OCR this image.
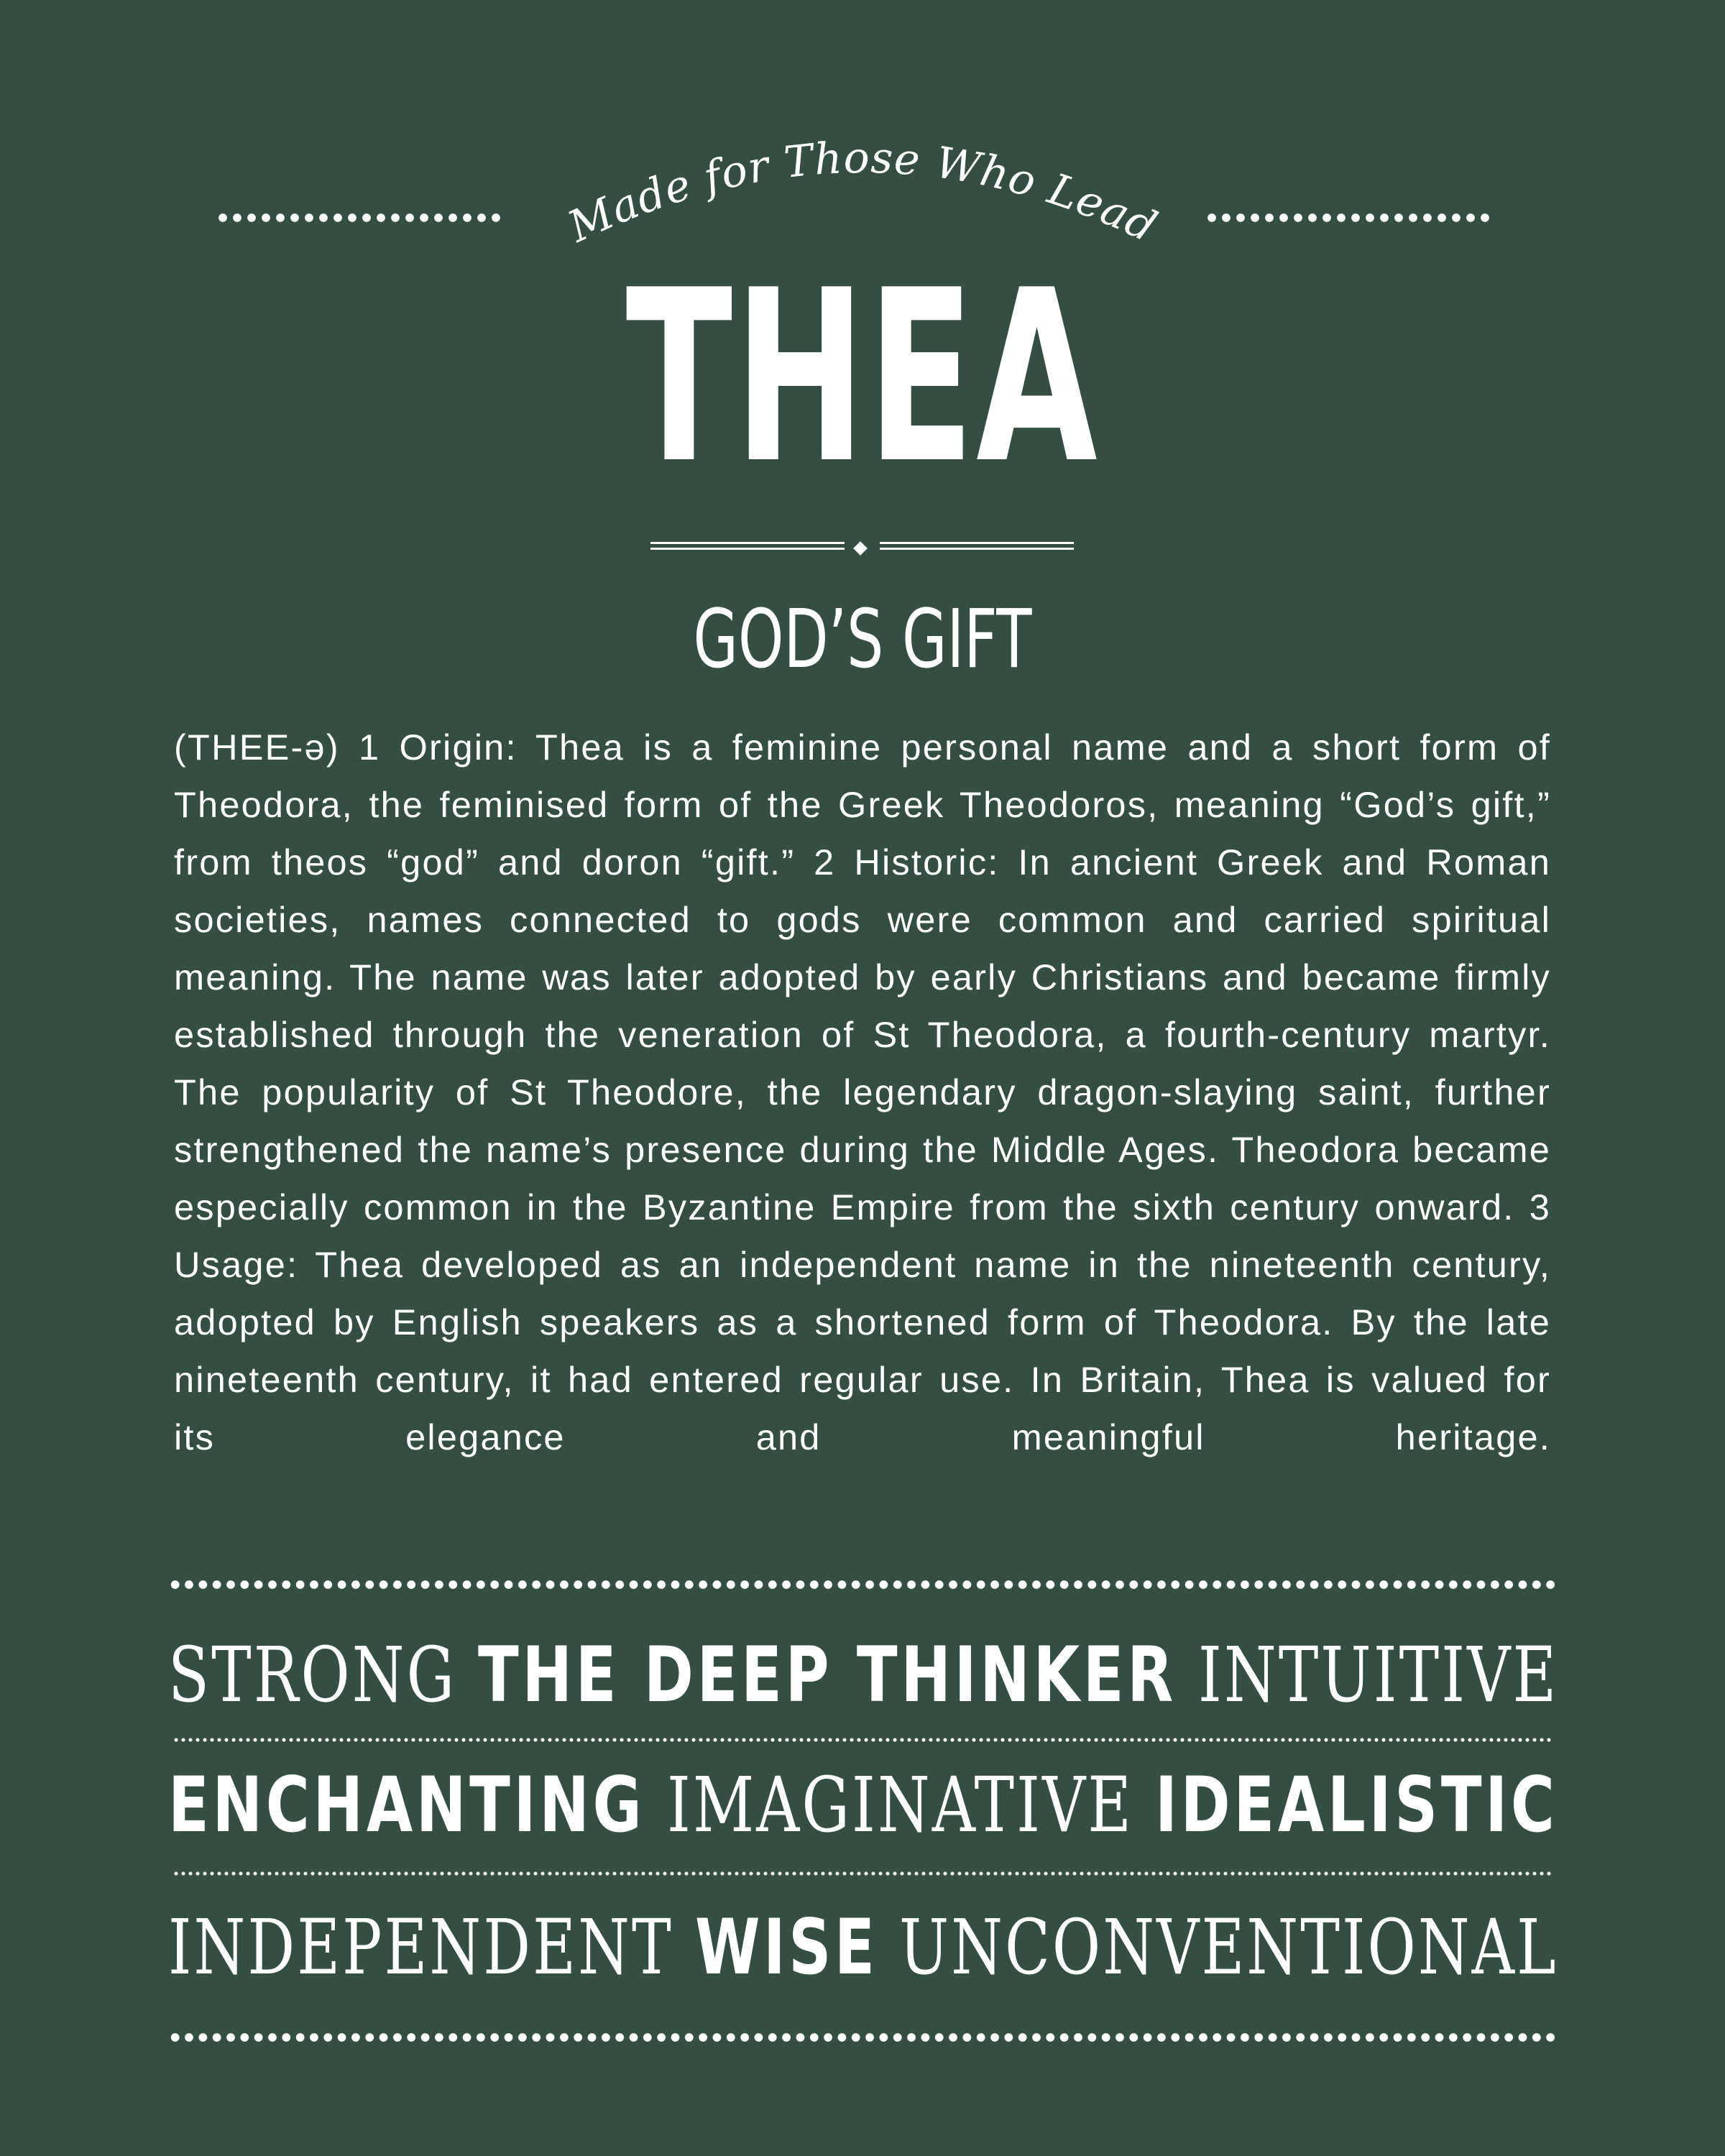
Made for Those Who Lead
THEA
GOD’S GIFT

(THEE-ə) 1 Origin: Thea is a feminine personal name and a short form of Theodora, the feminised form of the Greek Theodoros, meaning “God’s gift,” from theos “god” and doron “gift.” 2 Historic: In ancient Greek and Roman societies, names connected to gods were common and carried spiritual meaning. The name was later adopted by early Christians and became firmly established through the veneration of St Theodora, a fourth-century martyr. The popularity of St Theodore, the legendary dragon-slaying saint, further strengthened the name’s presence during the Middle Ages. Theodora became especially common in the Byzantine Empire from the sixth century onward. 3 Usage: Thea developed as an independent name in the nineteenth century, adopted by English speakers as a shortened form of Theodora. By the late nineteenth century, it had entered regular use. In Britain, Thea is valued for its elegance and meaningful heritage.

STRONG THE DEEP THINKER INTUITIVE
ENCHANTING IMAGINATIVE IDEALISTIC
INDEPENDENT WISE UNCONVENTIONAL
